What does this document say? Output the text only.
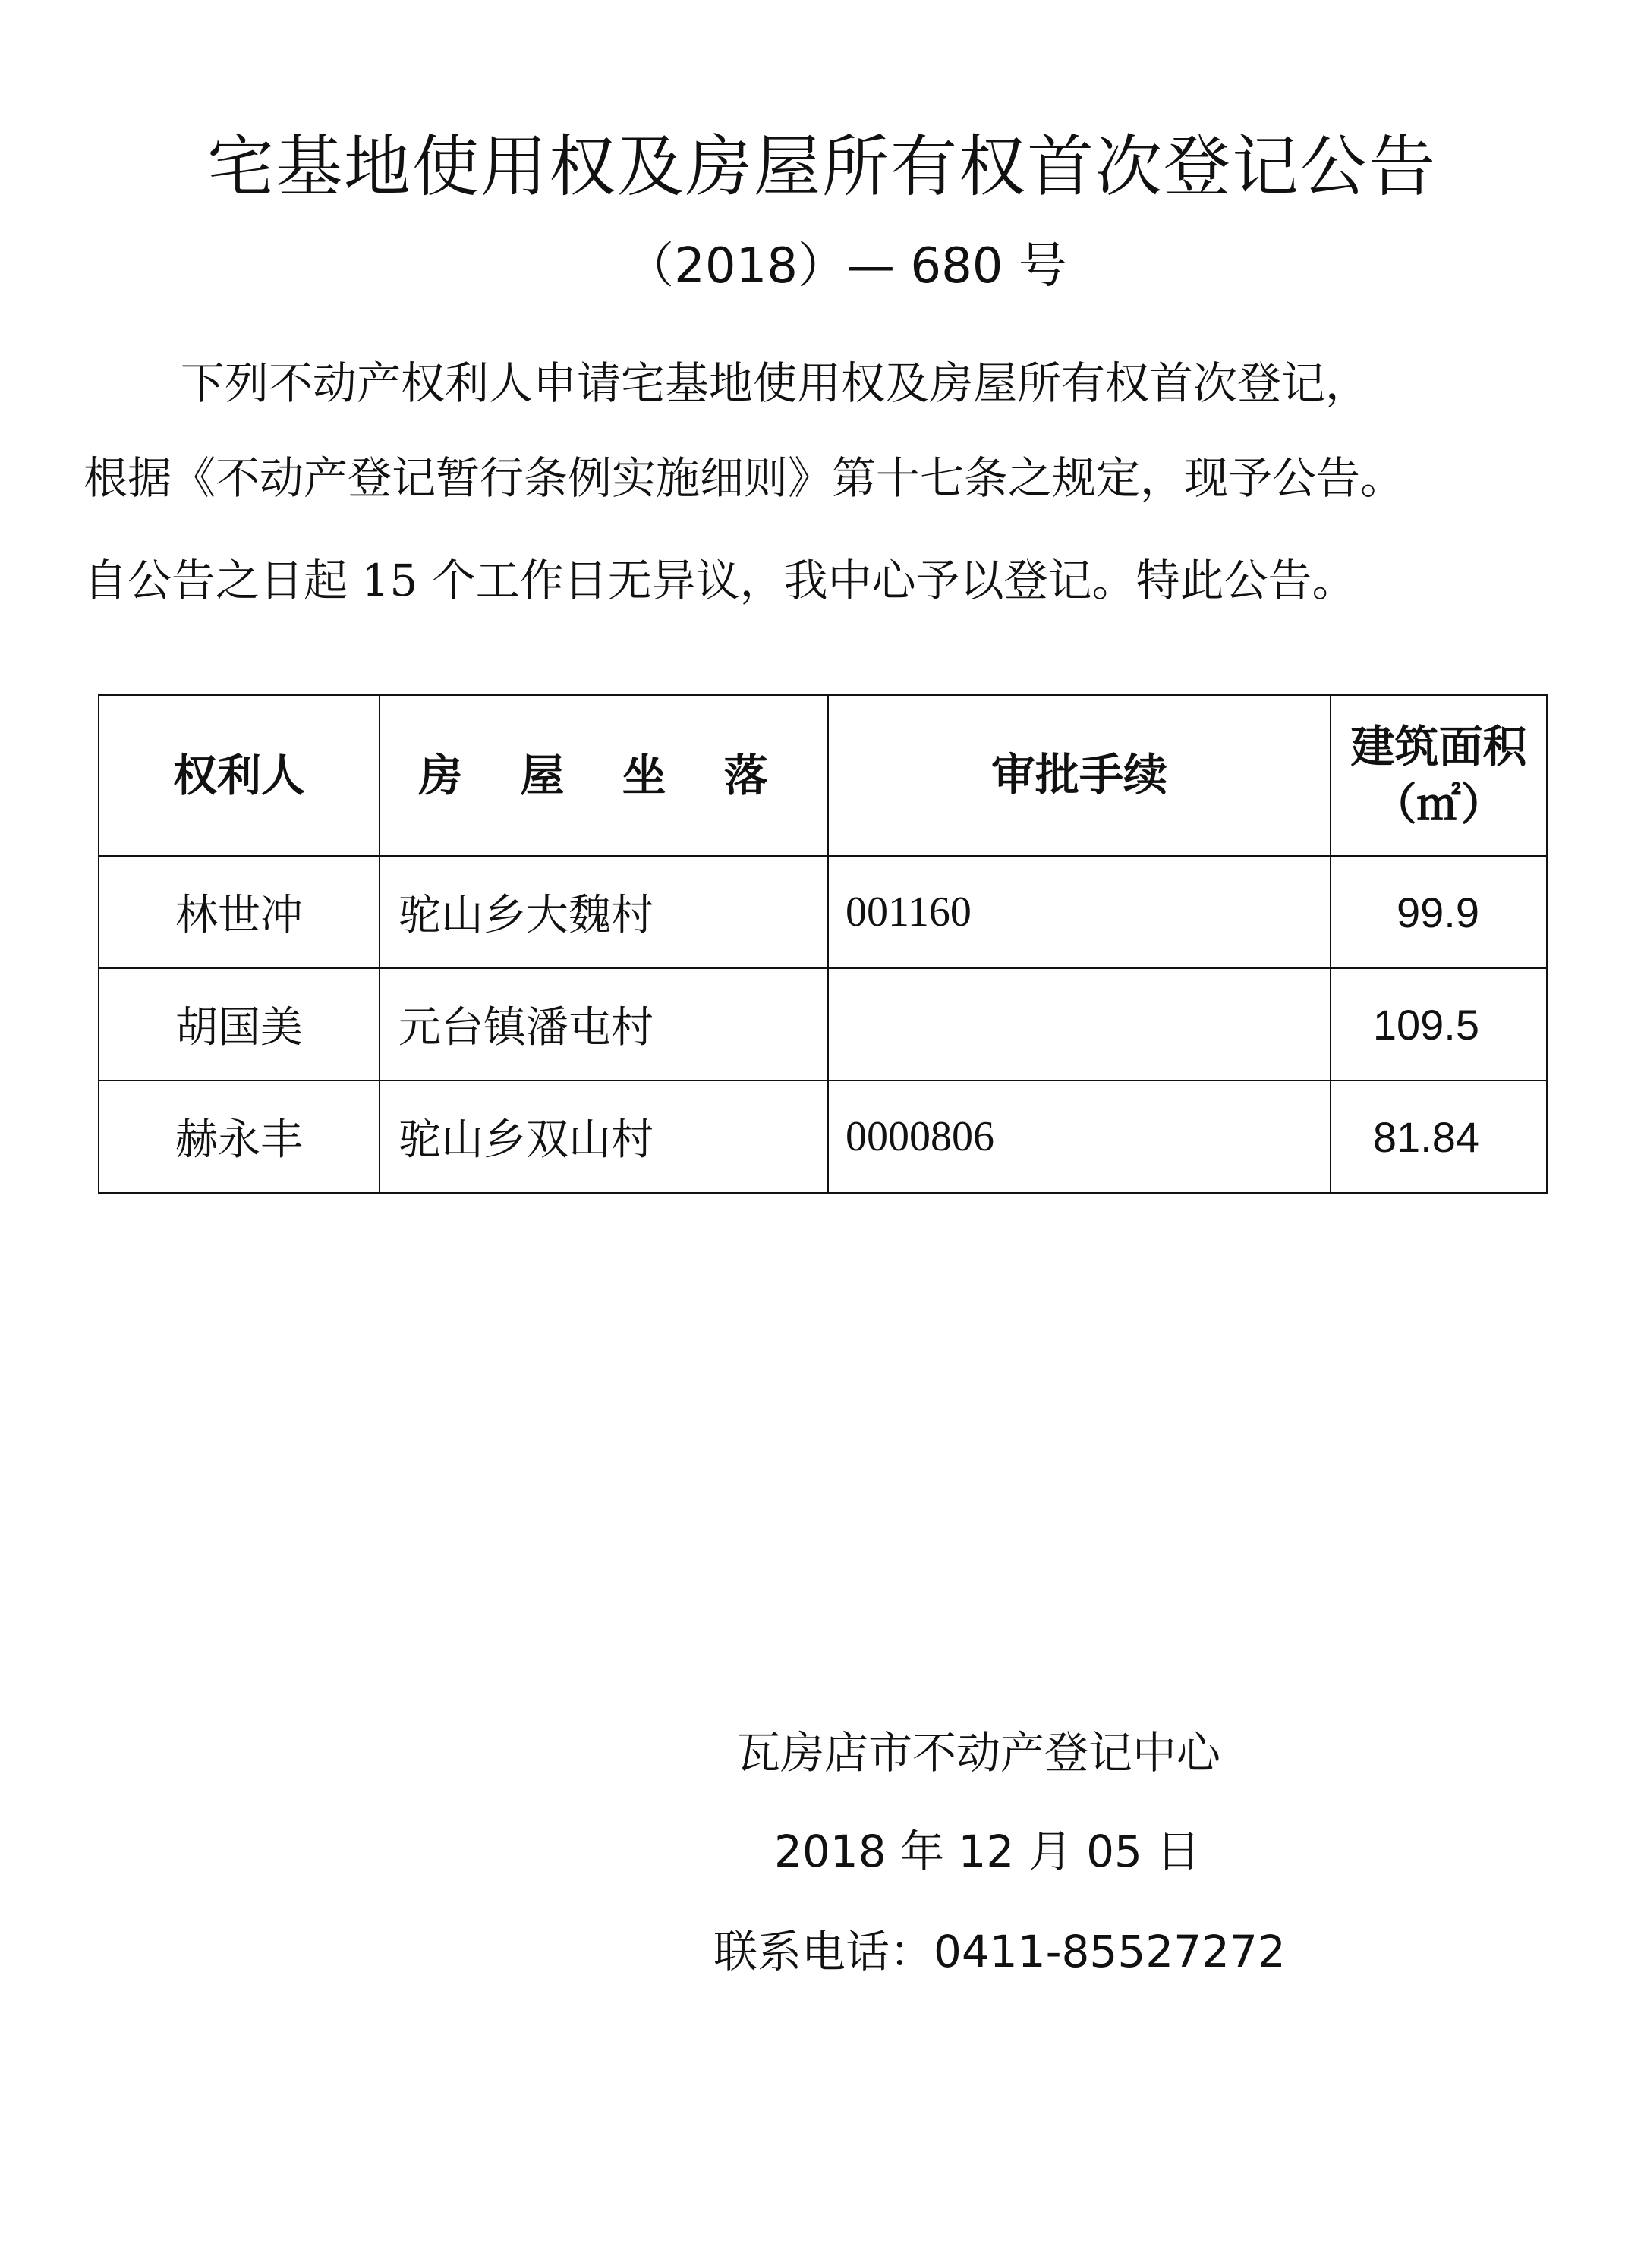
宅基地使用权及房屋所有权首次登记公告
（2018）— 680 号
下列不动产权利人申请宅基地使用权及房屋所有权首次登记，
根据《不动产登记暂行条例实施细则》第十七条之规定，现予公告。
自公告之日起 15 个工作日无异议，我中心予以登记。特此公告。
权利人	房 屋 坐 落	审批手续	建筑面积
（㎡）

林世冲	驼山乡大魏村	001160	99.9
胡国美	元台镇潘屯村		109.5
赫永丰	驼山乡双山村	0000806	81.84
瓦房店市不动产登记中心
2018 年 12 月 05 日
联系电话：0411-85527272
